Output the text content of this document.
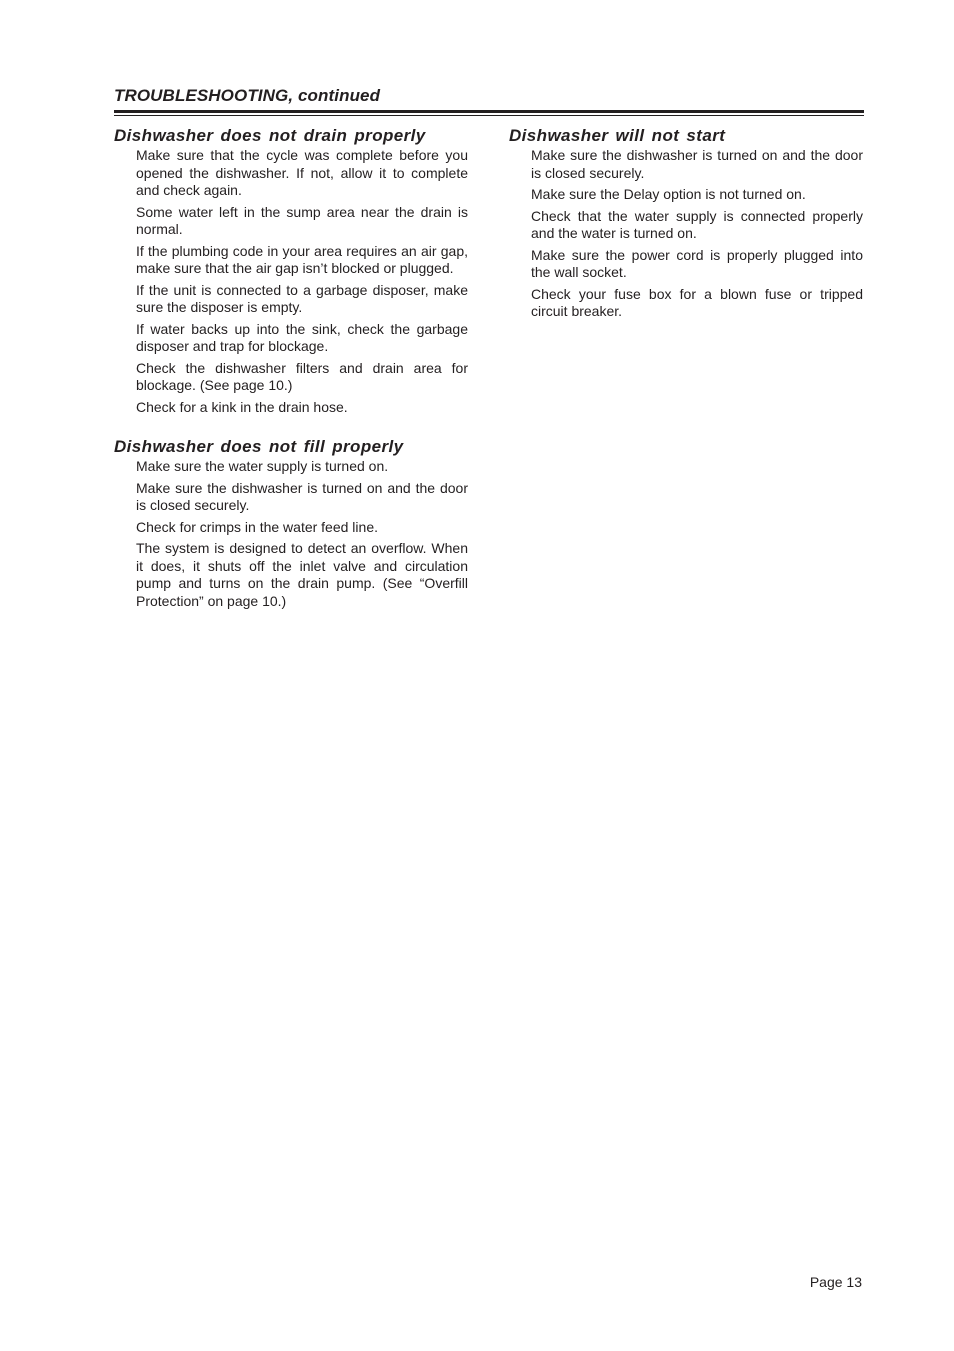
TROUBLESHOOTING, continued
Dishwasher does not drain properly

Make sure that the cycle was complete before you opened the dishwasher. If not, allow it to complete and check again.

Some water left in the sump area near the drain is normal.

If the plumbing code in your area requires an air gap, make sure that the air gap isn’t blocked or plugged.

If the unit is connected to a garbage disposer, make sure the disposer is empty.

If water backs up into the sink, check the garbage disposer and trap for blockage.

Check the dishwasher filters and drain area for blockage. (See page 10.)

Check for a kink in the drain hose.

Dishwasher does not fill properly

Make sure the water supply is turned on.

Make sure the dishwasher is turned on and the door is closed securely.

Check for crimps in the water feed line.

The system is designed to detect an overflow. When it does, it shuts off the inlet valve and circulation pump and turns on the drain pump. (See “Overfill Protection” on page 10.)

Dishwasher will not start

Make sure the dishwasher is turned on and the door is closed securely.

Make sure the Delay option is not turned on.

Check that the water supply is connected properly and the water is turned on.

Make sure the power cord is properly plugged into the wall socket.

Check your fuse box for a blown fuse or tripped circuit breaker.

Page 13
